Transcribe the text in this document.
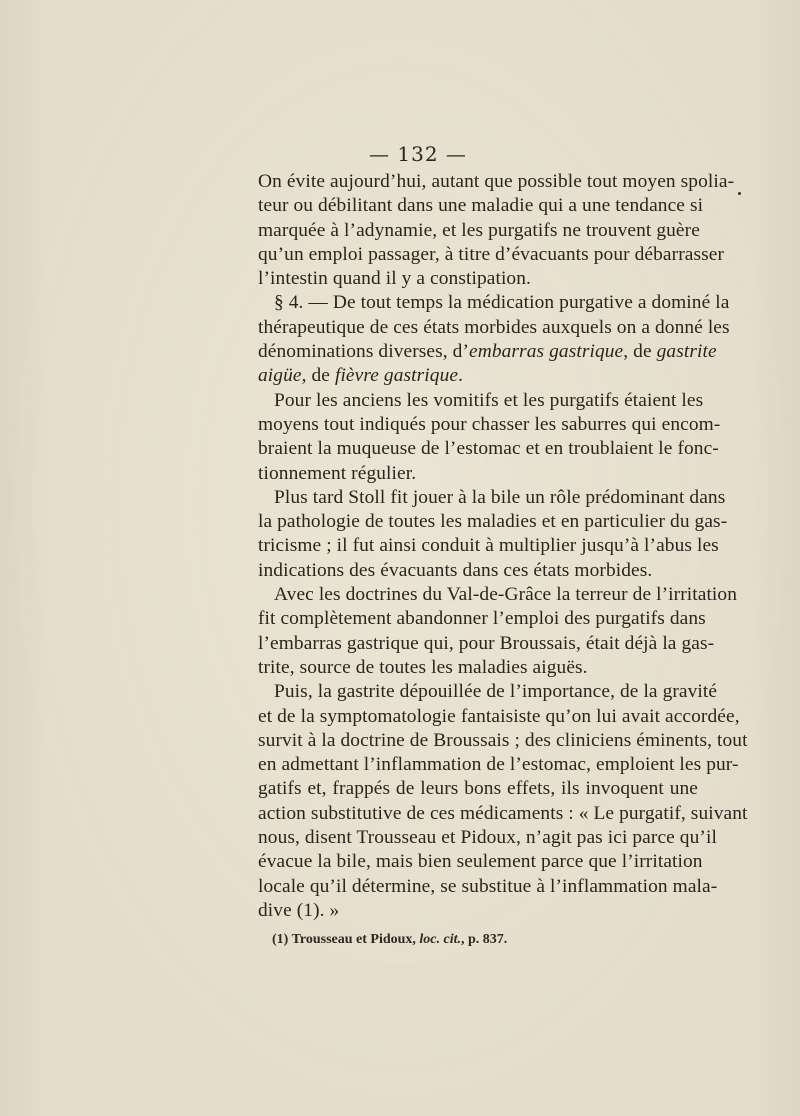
— 132 —

On évite aujourd’hui, autant que possible tout moyen spolia-
teur ou débilitant dans une maladie qui a une tendance si
marquée à l’adynamie, et les purgatifs ne trouvent guère
qu’un emploi passager, à titre d’évacuants pour débarrasser
l’intestin quand il y a constipation.

§ 4. — De tout temps la médication purgative a dominé la
thérapeutique de ces états morbides auxquels on a donné les
dénominations diverses, d’embarras gastrique, de gastrite
aigüe, de fièvre gastrique.

Pour les anciens les vomitifs et les purgatifs étaient les
moyens tout indiqués pour chasser les saburres qui encom-
braient la muqueuse de l’estomac et en troublaient le fonc-
tionnement régulier.

Plus tard Stoll fit jouer à la bile un rôle prédominant dans
la pathologie de toutes les maladies et en particulier du gas-
tricisme ; il fut ainsi conduit à multiplier jusqu’à l’abus les
indications des évacuants dans ces états morbides.

Avec les doctrines du Val-de-Grâce la terreur de l’irritation
fit complètement abandonner l’emploi des purgatifs dans
l’embarras gastrique qui, pour Broussais, était déjà la gas-
trite, source de toutes les maladies aiguës.

Puis, la gastrite dépouillée de l’importance, de la gravité
et de la symptomatologie fantaisiste qu’on lui avait accordée,
survit à la doctrine de Broussais ; des cliniciens éminents, tout
en admettant l’inflammation de l’estomac, emploient les pur-
gatifs et, frappés de leurs bons effets, ils invoquent une
action substitutive de ces médicaments : « Le purgatif, suivant
nous, disent Trousseau et Pidoux, n’agit pas ici parce qu’il
évacue la bile, mais bien seulement parce que l’irritation
locale qu’il détermine, se substitue à l’inflammation mala-
dive (1). »

(1) Trousseau et Pidoux, loc. cit., p. 837.
